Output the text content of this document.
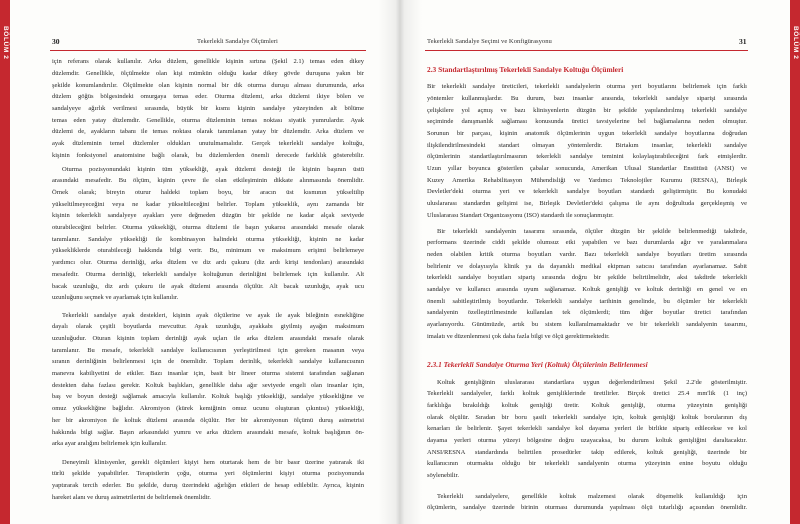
BÖLÜM 2	30	Tekerlekli Sandalye Ölçümleri
için referans olarak kullanılır. Arka düzlem, genellikle kişinin sırtına (Şekil 2.1) temas eden dikey
düzlemdir. Genellikle, ölçülmekte olan kişi mümkün olduğu kadar dikey gövde duruşuna yakın bir
şekilde konumlandırılır. Ölçülmekte olan kişinin normal bir dik oturma duruşu alması durumunda, arka
düzlem göğüs bölgesindeki omurgaya temas eder. Oturma düzlemi, arka düzlemi ikiye bölen ve
sandalyeye ağırlık verilmesi sırasında, büyük bir kısmı kişinin sandalye yüzeyinden alt bölüme
temas eden yatay düzlemdir. Genellikle, oturma düzleminin temas noktası siyatik yumrulardır. Ayak
düzlemi de, ayakların tabanı ile temas noktası olarak tanımlanan yatay bir düzlemdir. Arka düzlem ve
ayak düzleminin temel düzlemler oldukları unutulmamalıdır. Gerçek tekerlekli sandalye koltuğu,
kişinin fonksiyonel anatomisine bağlı olarak, bu düzlemlerden önemli derecede farklılık gösterebilir.
Oturma pozisyonundaki kişinin tüm yüksekliği, ayak düzlemi desteği ile kişinin başının üstü
arasındaki mesafedir. Bu ölçüm, kişinin çevre ile olan etkileşiminin dikkate alınmasında önemlidir.
Örnek olarak; bireyin oturur haldeki toplam boyu, bir aracın üst kısmının yükseltilip
yükseltilmeyeceğini veya ne kadar yükseltileceğini belirler. Toplam yükseklik, aynı zamanda bir
kişinin tekerlekli sandalyeye ayakları yere değmeden düzgün bir şekilde ne kadar alçak seviyede
oturabileceğini belirler. Oturma yüksekliği, oturma düzlemi ile başın yukarısı arasındaki mesafe olarak
tanımlanır. Sandalye yüksekliği ile kombinasyon halindeki oturma yüksekliği, kişinin ne kadar
yüksekliklerde oturabileceği hakkında bilgi verir. Bu, minimum ve maksimum erişimi belirlemeye
yardımcı olur. Oturma derinliği, arka düzlem ve diz ardı çukuru (diz ardı kirişi tendonları) arasındaki
mesafedir. Oturma derinliği, tekerlekli sandalye koltuğunun derinliğini belirlemek için kullanılır. Alt
bacak uzunluğu, diz ardı çukuru ile ayak düzlemi arasında ölçülür. Alt bacak uzunluğu, ayak ucu
uzunluğunu seçmek ve ayarlamak için kullanılır.
Tekerlekli sandalye ayak destekleri, kişinin ayak ölçülerine ve ayak ile ayak bileğinin esnekliğine
dayalı olarak çeşitli boyutlarda mevcuttur. Ayak uzunluğu, ayakkabı giyilmiş ayağın maksimum
uzunluğudur. Oturan kişinin toplam derinliği ayak uçları ile arka düzlem arasındaki mesafe olarak
tanımlanır. Bu mesafe, tekerlekli sandalye kullanıcısının yerleştirilmesi için gereken masanın veya
sıranın derinliğinin belirlenmesi için de önemlidir. Toplam derinlik, tekerlekli sandalye kullanıcısının
manevra kabiliyetini de etkiler. Bazı insanlar için, basit bir lineer oturma sistemi tarafından sağlanan
destekten daha fazlası gerekir. Koltuk başlıkları, genellikle daha ağır seviyede engeli olan insanlar için,
baş ve boyun desteği sağlamak amacıyla kullanılır. Koltuk başlığı yüksekliği, sandalye yüksekliğine ve
omuz yüksekliğine bağlıdır. Akromiyon (kürek kemiğinin omuz ucunu oluşturan çıkıntısı) yüksekliği,
her bir akromiyon ile koltuk düzlemi arasında ölçülür. Her bir akromiyonun ölçümü duruş asimetrisi
hakkında bilgi sağlar. Başın arkasındaki yumru ve arka düzlem arasındaki mesafe, koltuk başlığının ön-
arka ayar aralığını belirlemek için kullanılır.
Deneyimli klinisyenler, gerekli ölçümleri kişiyi hem oturtarak hem de bir basır üzerine yatırarak iki
türlü şekilde yapabilirler. Terapistlerin çoğu, oturma yeri ölçümlerini kişiyi oturma pozisyonunda
yaptırarak tercih ederler. Bu şekilde, duruş üzerindeki ağırlığın etkileri de hesap edilebilir. Ayrıca, kişinin
hareket alanı ve duruş asimetrilerini de belirlemek önemlidir.
BÖLÜM 2
Tekerlekli Sandalye Seçimi ve Konfigürasyonu	31
2.3 Standartlaştırılmış Tekerlekli Sandalye Koltuğu Ölçümleri
Bir tekerlekli sandalye üreticileri, tekerlekli sandalyelerin oturma yeri boyutlarını belirlemek için farklı
yöntemler kullanmışlardır. Bu durum, bazı insanlar arasında, tekerlekli sandalye siparişi sırasında
çelişkilere yol açmış ve bazı klinisyenlerin düzgün bir şekilde yapılandırılmış tekerlekli sandalye
seçiminde danışmanlık sağlaması konusunda üretici tavsiyelerine bel bağlamalarına neden olmuştur.
Sorunun bir parçası, kişinin anatomik ölçümlerinin uygun tekerlekli sandalye boyutlarına doğrudan
ilişkilendirilmesindeki standart olmayan yöntemlerdir. Birtakım insanlar, tekerlekli sandalye
ölçümlerinin standartlaştırılmasının tekerlekli sandalye teminini kolaylaştırabileceğini fark etmişlerdir.
Uzun yıllar boyunca gösterilen çabalar sonucunda, Amerikan Ulusal Standartlar Enstitüsü (ANSI) ve
Kuzey Amerika Rehabilitasyon Mühendisliği ve Yardımcı Teknolojiler Kurumu (RESNA), Birleşik
Devletler'deki oturma yeri ve tekerlekli sandalye boyutları standardı geliştirmiştir. Bu konudaki
uluslararası standardın gelişimi ise, Birleşik Devletler'deki çalışma ile aynı doğrultuda gerçekleşmiş ve
Uluslararası Standart Organizasyonu (ISO) standardı ile sonuçlanmıştır.
Bir tekerlekli sandalyenin tasarımı sırasında, ölçüler düzgün bir şekilde belirlenmediği takdirde,
performans üzerinde ciddi şekilde olumsuz etki yapabilen ve bazı durumlarda ağır ve yaralanmalara
neden olabilen kritik oturma boyutları vardır. Bazı tekerlekli sandalye boyutları üretim sırasında
belirlenir ve dolayısıyla klinik ya da dayanıklı medikal ekipman satıcısı tarafından ayarlanamaz. Sabit
tekerlekli sandalye boyutları sipariş sırasında doğru bir şekilde belirtilmelidir, aksi takdirde tekerlekli
sandalye ve kullanıcı arasında uyum sağlanamaz. Koltuk genişliği ve koltuk derinliği en genel ve en
önemli sabitleştirilmiş boyutlardır. Tekerlekli sandalye tarihinin genelinde, bu ölçümler bir tekerlekli
sandalyenin özelleştirilmesinde kullanılan tek ölçümlerdi; tüm diğer boyutlar üretici tarafından
ayarlanıyordu. Günümüzde, artık bu sistem kullanılmamaktadır ve bir tekerlekli sandalyenin tasarımı,
imalatı ve düzenlenmesi çok daha fazla bilgi ve ölçü gerektirmektedir.
2.3.1 Tekerlekli Sandalye Oturma Yeri (Koltuk) Ölçülerinin Belirlenmesi
Koltuk genişliğinin uluslararası standartlara uygun değerlendirilmesi Şekil 2.2'de gösterilmiştir.
Tekerlekli sandalyeler, farklı koltuk genişliklerinde üretilirler. Birçok üretici 25.4 mm'lik (1 inç)
farklılığa bırakıldığı koltuk genişliği üretir. Koltuk genişliği, oturma yüzeyinin genişliği
olarak ölçülür. Sıradan bir boru şasili tekerlekli sandalye için, koltuk genişliği koltuk borularının dış
kenarları ile belirlenir. Şayet tekerlekli sandalye kol dayama yerleri ile birlikte sipariş edilecekse ve kol
dayama yerleri oturma yüzeyi bölgesine doğru uzayacaksa, bu durum koltuk genişliğini daraltacaktır.
ANSI/RESNA standardında belirtilen prosedürler takip edilerek, koltuk genişliği, üzerinde bir
kullanıcının oturmakta olduğu bir tekerlekli sandalyenin oturma yüzeyinin enine boyutu olduğu
söylenebilir.
Tekerlekli sandalyelere, genellikle koltuk malzemesi olarak döşemelik kullanıldığı için
ölçümlerin, sandalye üzerinde birinin oturması durumunda yapılması ölçü tutarlılığı açısından önemlidir.
